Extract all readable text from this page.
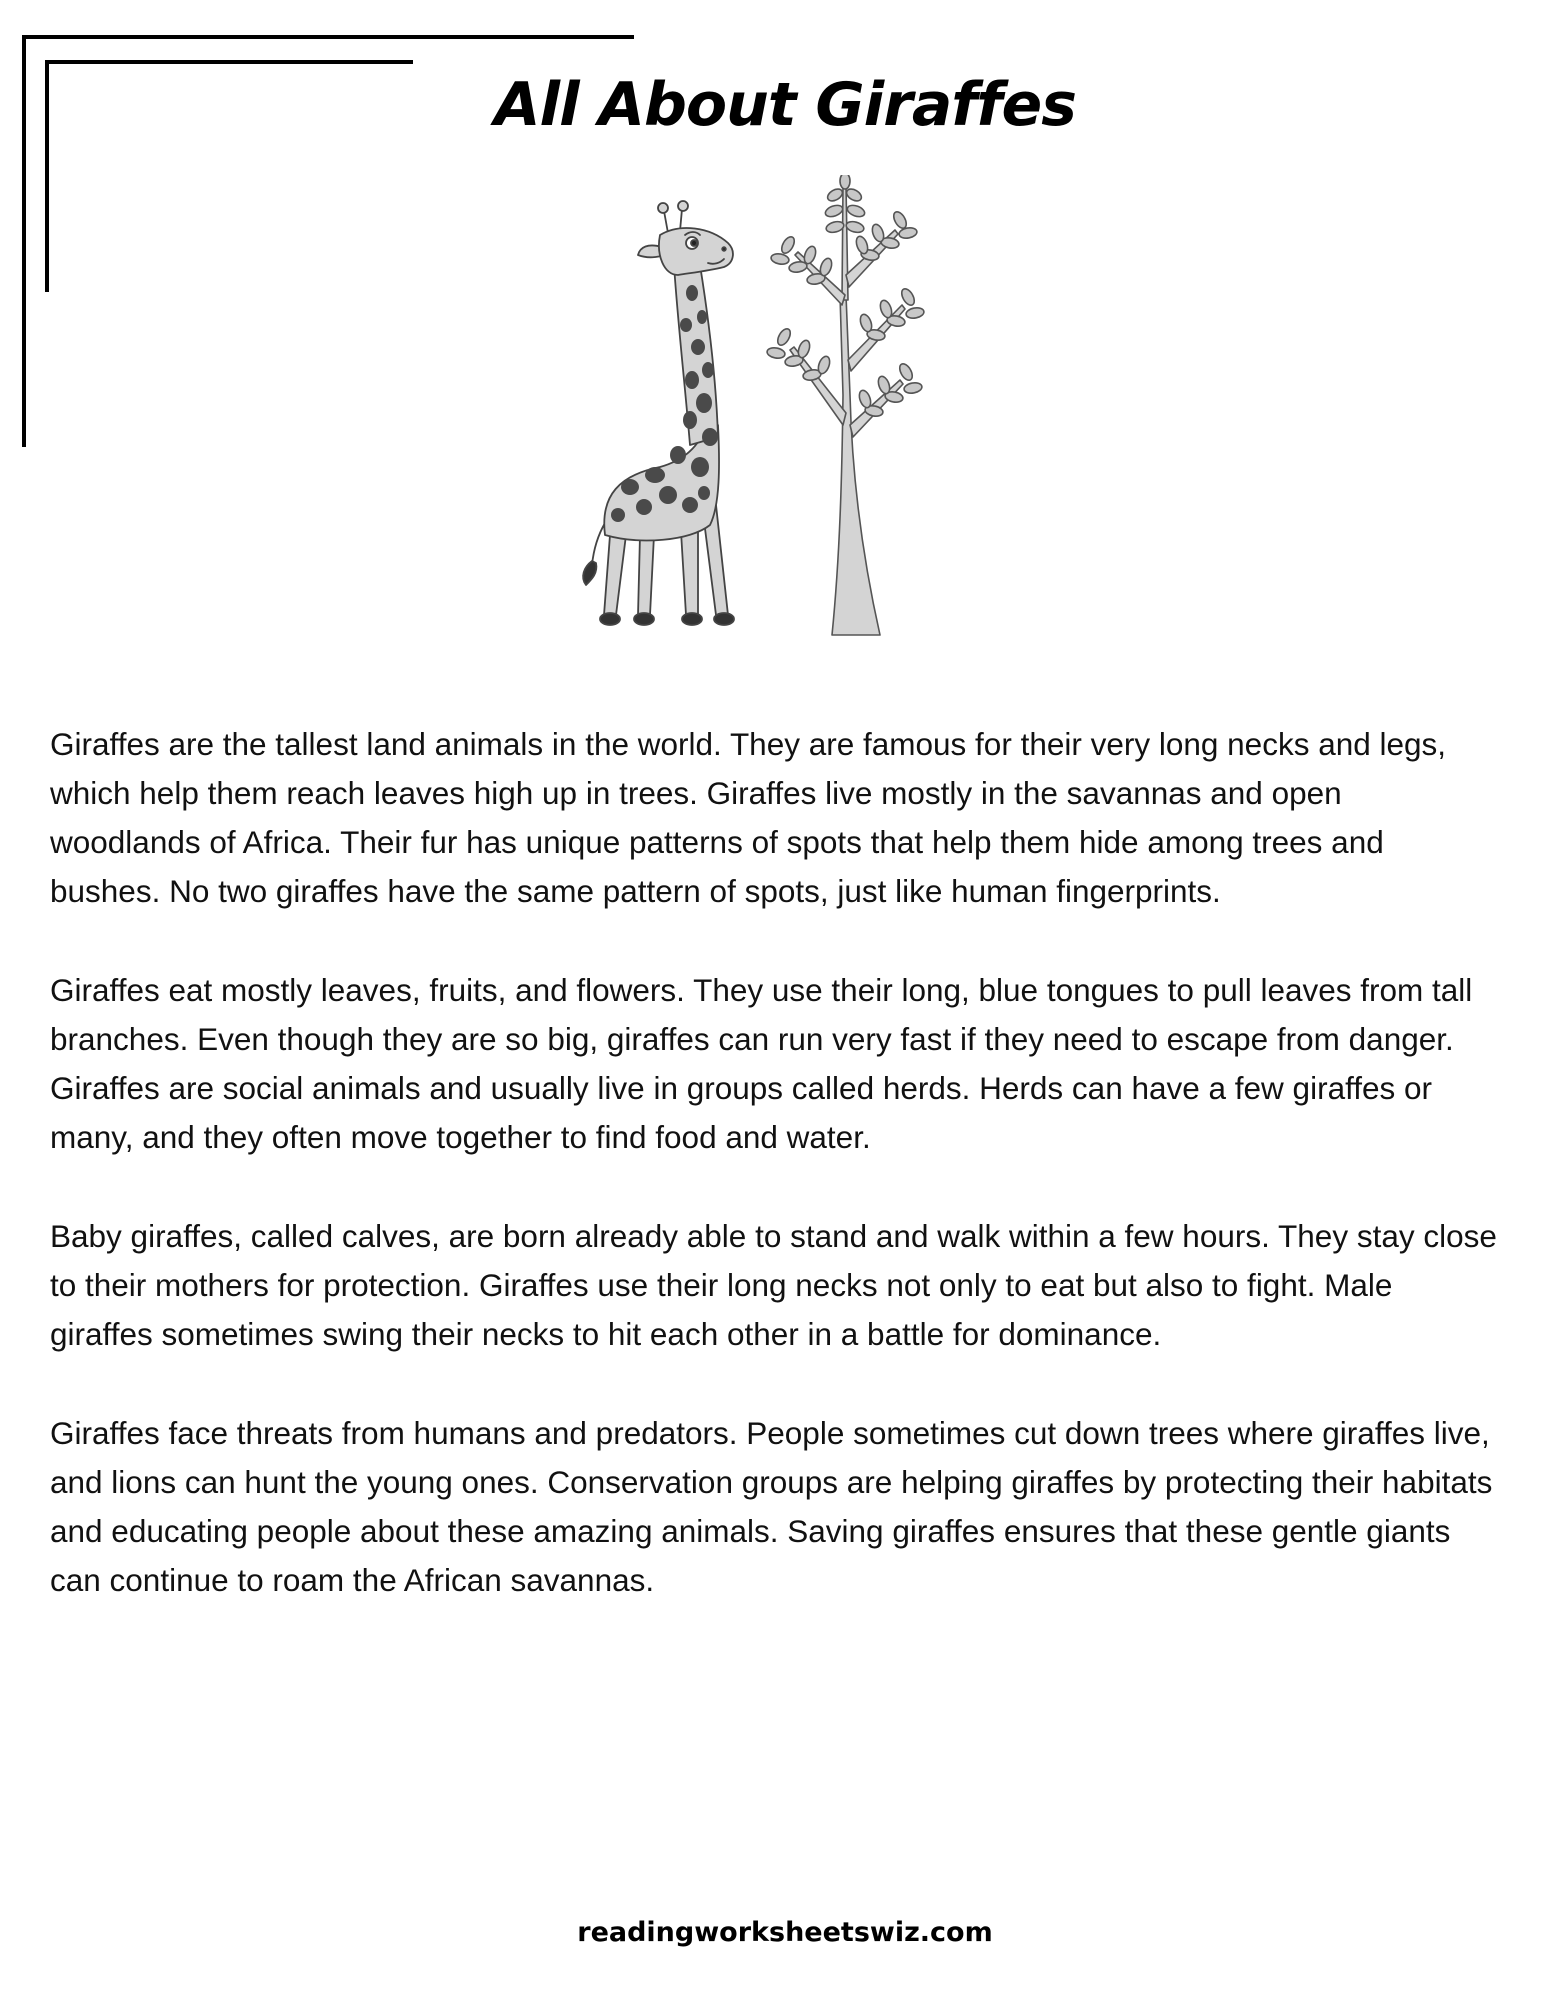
All About Giraffes

Giraffes are the tallest land animals in the world. They are famous for their very long necks and legs, which help them reach leaves high up in trees. Giraffes live mostly in the savannas and open woodlands of Africa. Their fur has unique patterns of spots that help them hide among trees and bushes. No two giraffes have the same pattern of spots, just like human fingerprints.

Giraffes eat mostly leaves, fruits, and flowers. They use their long, blue tongues to pull leaves from tall branches. Even though they are so big, giraffes can run very fast if they need to escape from danger. Giraffes are social animals and usually live in groups called herds. Herds can have a few giraffes or many, and they often move together to find food and water.

Baby giraffes, called calves, are born already able to stand and walk within a few hours. They stay close to their mothers for protection. Giraffes use their long necks not only to eat but also to fight. Male giraffes sometimes swing their necks to hit each other in a battle for dominance.

Giraffes face threats from humans and predators. People sometimes cut down trees where giraffes live, and lions can hunt the young ones. Conservation groups are helping giraffes by protecting their habitats and educating people about these amazing animals. Saving giraffes ensures that these gentle giants can continue to roam the African savannas.

readingworksheetswiz.com
